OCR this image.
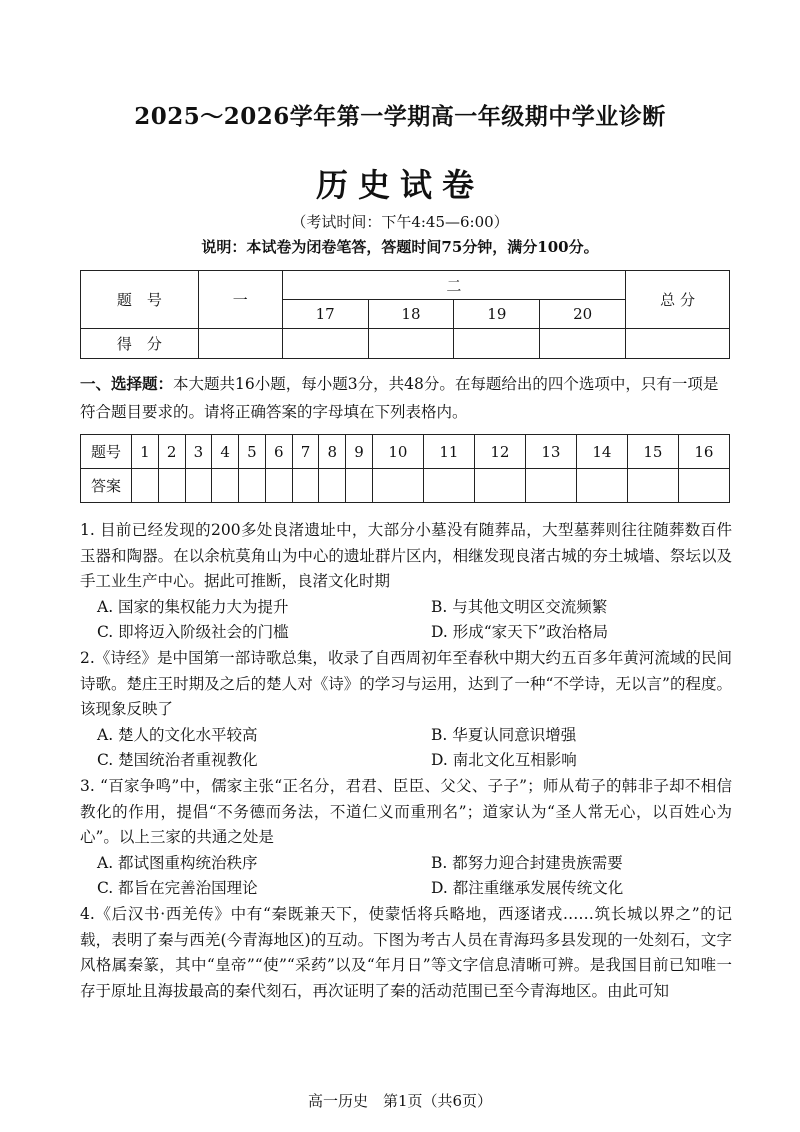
2025～2026学年第一学期高一年级期中学业诊断
历史试卷
（考试时间：下午4:45—6:00）
说明：本试卷为闭卷笔答，答题时间75分钟，满分100分。
题　号	一	二				总 分
		17	18	19	20	
得　分						
一、选择题：本大题共16小题，每小题3分，共48分。在每题给出的四个选项中，只有一项是符合题目要求的。请将正确答案的字母填在下列表格内。
题号	1	2	3	4	5	6	7	8	9	10	11	12	13	14	15	16
答案																
1. 目前已经发现的200多处良渚遗址中，大部分小墓没有随葬品，大型墓葬则往往随葬数百件玉器和陶器。在以余杭莫角山为中心的遗址群片区内，相继发现良渚古城的夯土城墙、祭坛以及手工业生产中心。据此可推断，良渚文化时期
A. 国家的集权能力大为提升	B. 与其他文明区交流频繁
C. 即将迈入阶级社会的门槛	D. 形成“家天下”政治格局
2.《诗经》是中国第一部诗歌总集，收录了自西周初年至春秋中期大约五百多年黄河流域的民间诗歌。楚庄王时期及之后的楚人对《诗》的学习与运用，达到了一种“不学诗，无以言”的程度。该现象反映了
A. 楚人的文化水平较高	B. 华夏认同意识增强
C. 楚国统治者重视教化	D. 南北文化互相影响
3. “百家争鸣”中，儒家主张“正名分，君君、臣臣、父父、子子”；师从荀子的韩非子却不相信教化的作用，提倡“不务德而务法，不道仁义而重刑名”；道家认为“圣人常无心，以百姓心为心”。以上三家的共通之处是
A. 都试图重构统治秩序	B. 都努力迎合封建贵族需要
C. 都旨在完善治国理论	D. 都注重继承发展传统文化
4.《后汉书·西羌传》中有“秦既兼天下，使蒙恬将兵略地，西逐诸戎……筑长城以界之”的记载，表明了秦与西羌(今青海地区)的互动。下图为考古人员在青海玛多县发现的一处刻石，文字风格属秦篆，其中“皇帝”“使”“采药”以及“年月日”等文字信息清晰可辨。是我国目前已知唯一存于原址且海拔最高的秦代刻石，再次证明了秦的活动范围已至今青海地区。由此可知
高一历史　第1页（共6页）
